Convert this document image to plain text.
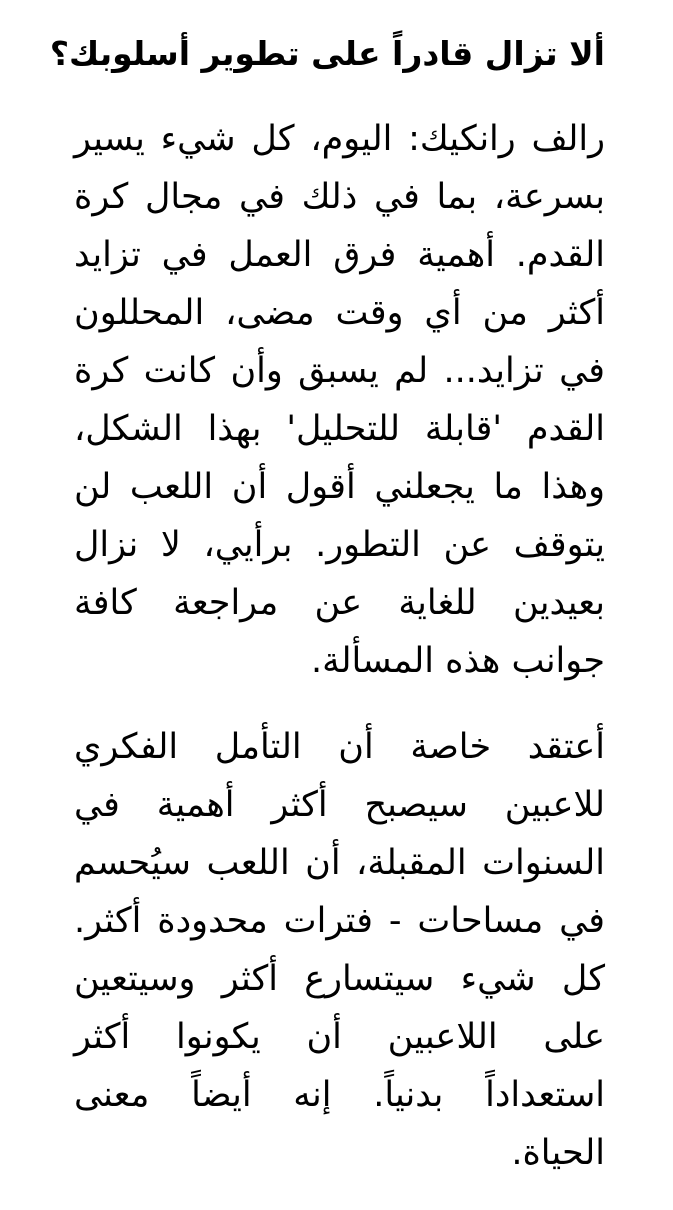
ألا تزال قادراً على تطوير أسلوبك؟
رالف رانكيك: اليوم، كل شيء يسير
بسرعة، بما في ذلك في مجال كرة
القدم. أهمية فرق العمل في تزايد
أكثر من أي وقت مضى، المحللون
في تزايد... لم يسبق وأن كانت كرة
القدم 'قابلة للتحليل' بهذا الشكل،
وهذا ما يجعلني أقول أن اللعب لن
يتوقف عن التطور. برأيي، لا نزال
بعيدين للغاية عن مراجعة كافة
جوانب هذه المسألة.
أعتقد خاصة أن التأمل الفكري
للاعبين سيصبح أكثر أهمية في
السنوات المقبلة، أن اللعب سيُحسم
في مساحات - فترات محدودة أكثر.
كل شيء سيتسارع أكثر وسيتعين
على اللاعبين أن يكونوا أكثر
استعداداً بدنياً. إنه أيضاً معنى
الحياة.
